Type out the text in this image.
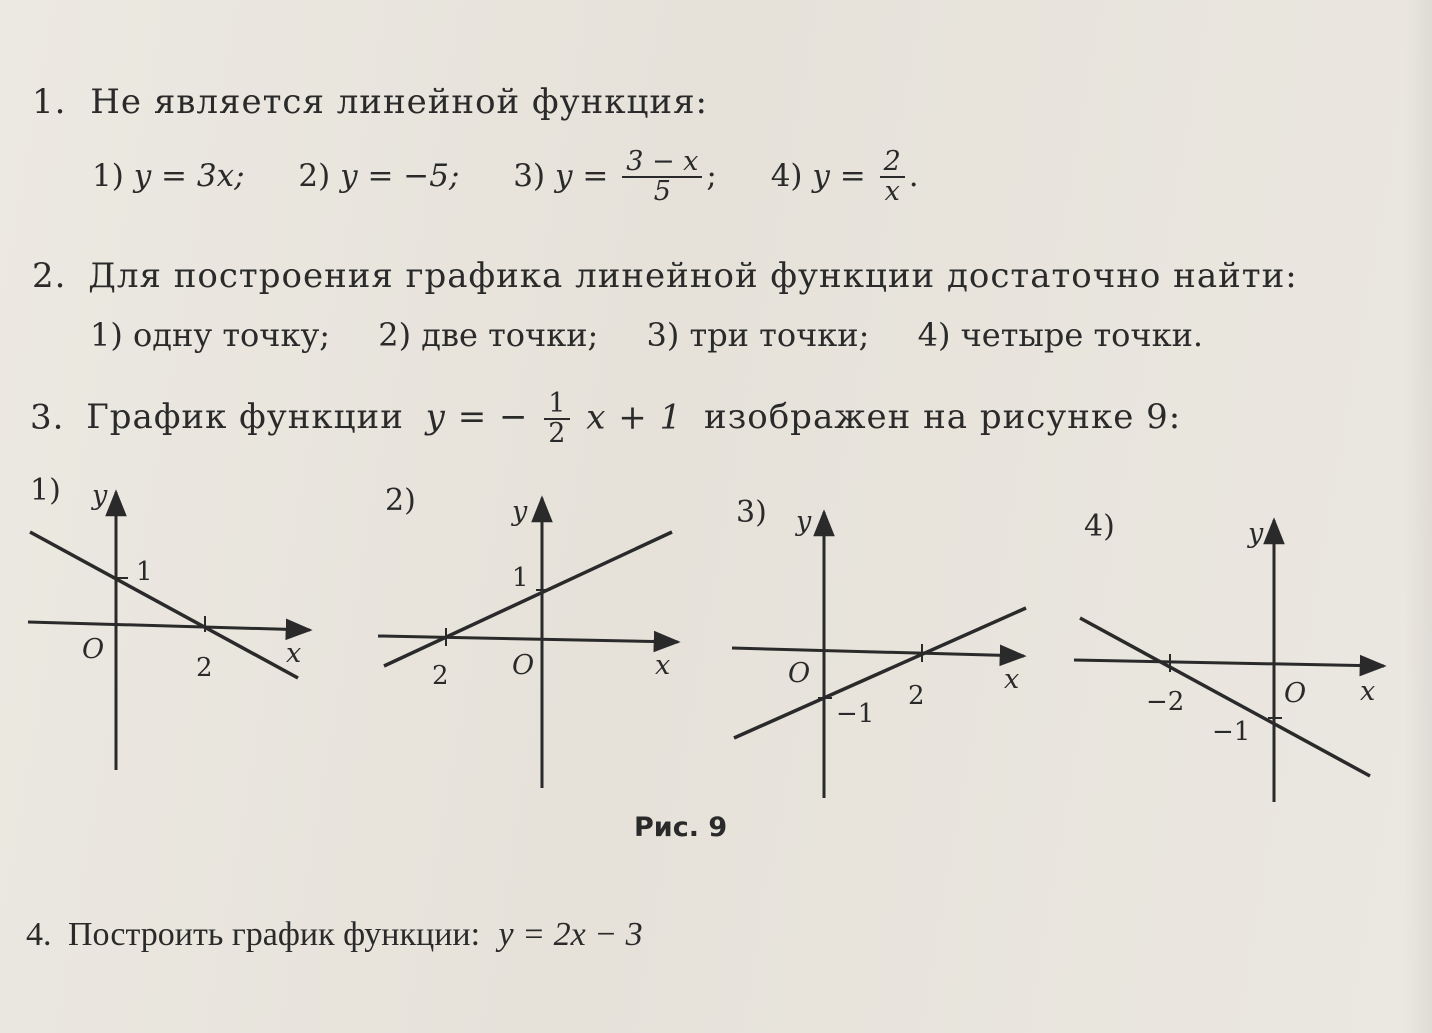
1. Не является линейной функция:
1) y = 3x; 2) y = −5; 3) $y = \frac{3 - x}{5}$ ; 4) $y = \frac{2}{x}$ .
2. Для построения графика линейной функции достаточно найти:
1) одну точку; 2) две точки; 3) три точки; 4) четыре точки.
3. График функции y = − $\frac{1}{2}$ x + 1 изображен на рисунке 9:
1) y
x
O
1
2
2)	y
x
O
1
2
3) y
x
O
−1
2
4)	y
x
O
−2
−1
Рис. 9
4. Построить график функции: y = 2x − 3
